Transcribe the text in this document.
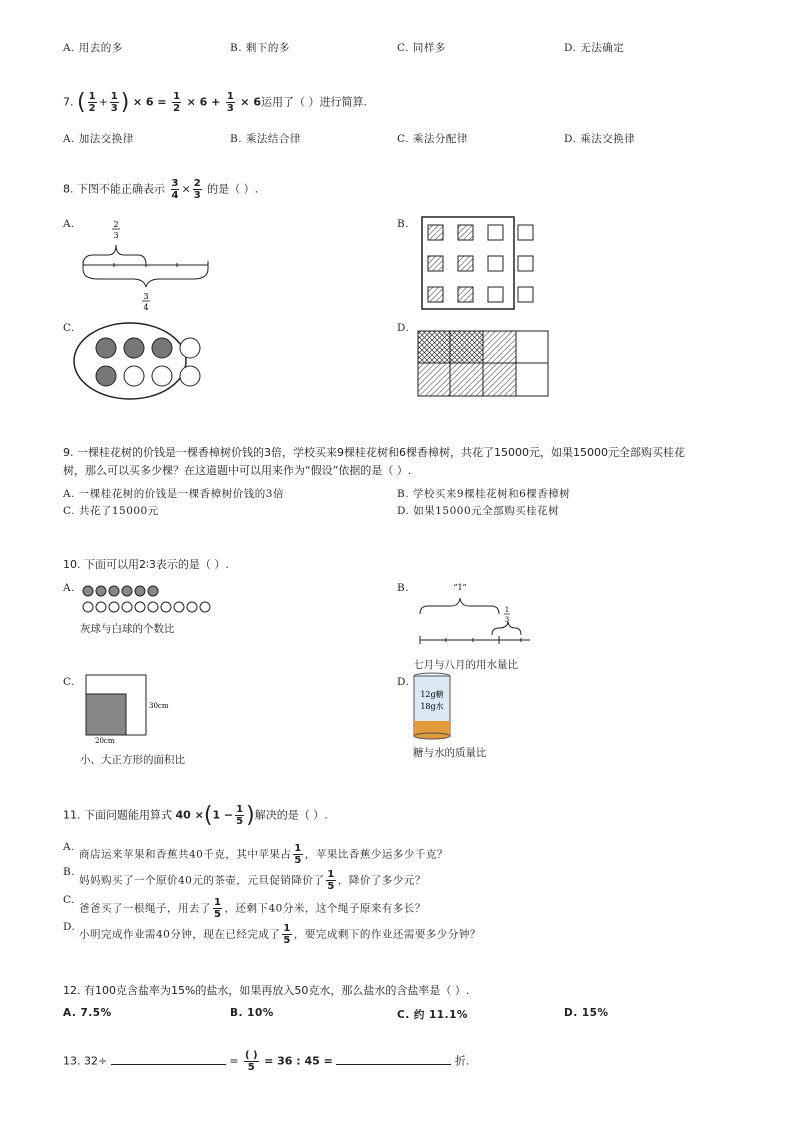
A. 用去的多	B. 剩下的多	C. 同样多	D. 无法确定
7. ( $\frac{1}{2} + \frac{1}{3}$ ) × $6 = \frac{1}{2} \times 6 + \frac{1}{3} \times 6$运用了（ ）进行简算.
A. 加法交换律	B. 乘法结合律	C. 乘法分配律	D. 乘法交换律
8. 下图不能正确表示 $\frac{3}{4} \times \frac{2}{3}$ 的是（ ）.
A.	2
3
3
4
B.
C.	D.
9. 一棵桂花树的价钱是一棵香樟树价钱的3倍，学校买来9棵桂花树和6棵香樟树，共花了15000元，如果15000元全部购买桂花
树，那么可以买多少棵？在这道题中可以用来作为“假设”依据的是（ ）.
A. 一棵桂花树的价钱是一棵香樟树价钱的3倍	B. 学校买来9棵桂花树和6棵香樟树
C. 共花了15000元	D. 如果15000元全部购买桂花树
10. 下面可以用2∶3表示的是（ ）.
A.
灰球与白球的个数比
B.	“1”
1
3
七月与八月的用水量比
C.
30cm
20cm
小、大正方形的面积比
D.
12g糖
18g水
糖与水的质量比
11. 下面问题能用算式 $40 \times(1 - \frac{1}{5}$ )解决的是（ ）.
A.
商店运来苹果和香蕉共40千克，其中苹果占 $\frac{1}{5}$ ，苹果比香蕉少运多少千克？
B.
妈妈购买了一个原价40元的茶壶，元旦促销降价了 $\frac{1}{5}$ ，降价了多少元？
C.
爸爸买了一根绳子，用去了 $\frac{1}{5}$ ，还剩下40分米，这个绳子原来有多长？
D.
小明完成作业需40分钟，现在已经完成了 $\frac{1}{5}$ ，要完成剩下的作业还需要多少分钟？
12. 有100克含盐率为15%的盐水，如果再放入50克水，那么盐水的含盐率是（ ）.
A. 7.5%	B. 10%	C. 约 11.1%	D. 15%
13. 32÷	= $\frac{( )}{5} = 36$ : 45 =	折.
